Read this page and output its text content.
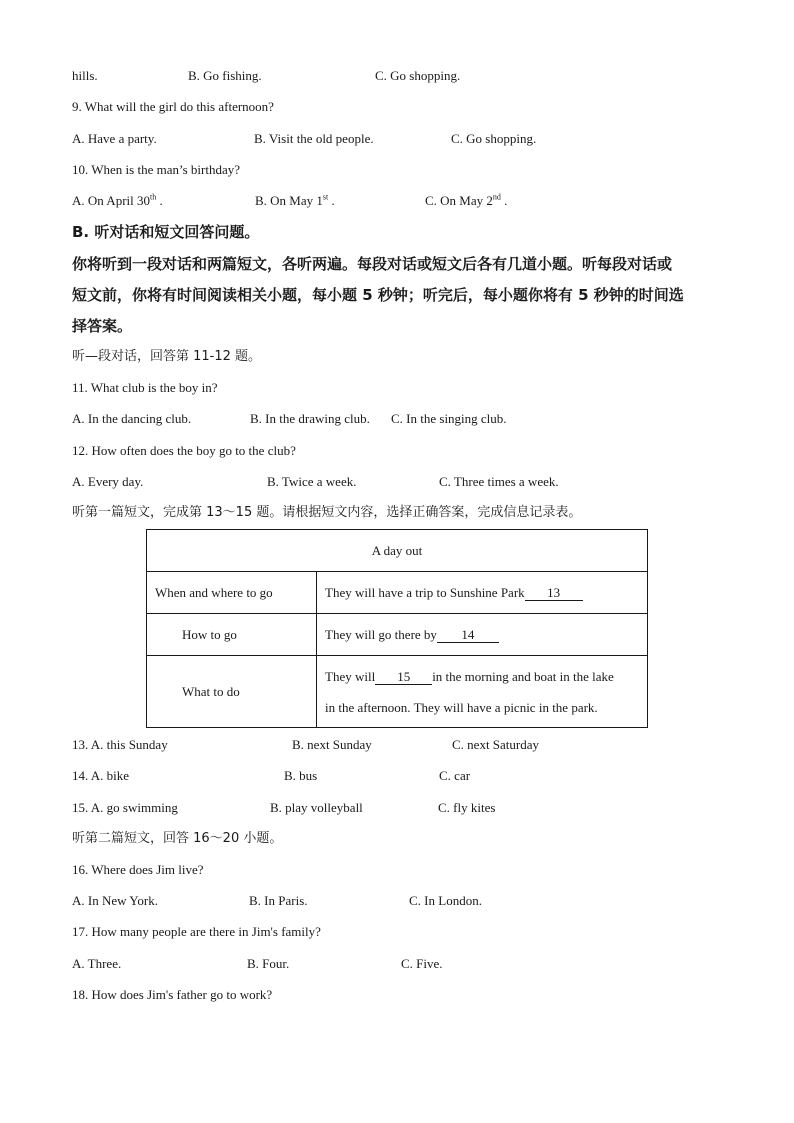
hills.	B. Go fishing.	C. Go shopping.
9. What will the girl do this afternoon?
A. Have a party.	B. Visit the old people.	C. Go shopping.
10. When is the man’s birthday?
A. On April 30th .	B. On May 1st .	C. On May 2nd .
B. 听对话和短文回答问题。
你将听到一段对话和两篇短文，各听两遍。每段对话或短文后各有几道小题。听每段对话或
短文前，你将有时间阅读相关小题，每小题 5 秒钟；听完后，每小题你将有 5 秒钟的时间选
择答案。
听—段对话，回答第 11-12 题。
11. What club is the boy in?
A. In the dancing club.	B. In the drawing club. C. In the singing club.
12. How often does the boy go to the club?
A. Every day.	B. Twice a week.	C. Three times a week.
听第一篇短文，完成第 13～15 题。请根据短文内容，选择正确答案，完成信息记录表。
A day out	
When and where to go	They will have a trip to Sunshine Park 13
How to go	They will go there by 14
What to do	They will 15 in the morning and boat in the lake
in the afternoon. They will have a picnic in the park.
13. A. this Sunday	B. next Sunday	C. next Saturday
14. A. bike	B. bus	C. car
15. A. go swimming	B. play volleyball	C. fly kites
听第二篇短文，回答 16～20 小题。
16. Where does Jim live?
A. In New York.	B. In Paris.	C. In London.
17. How many people are there in Jim's family?
A. Three.	B. Four.	C. Five.
18. How does Jim's father go to work?
